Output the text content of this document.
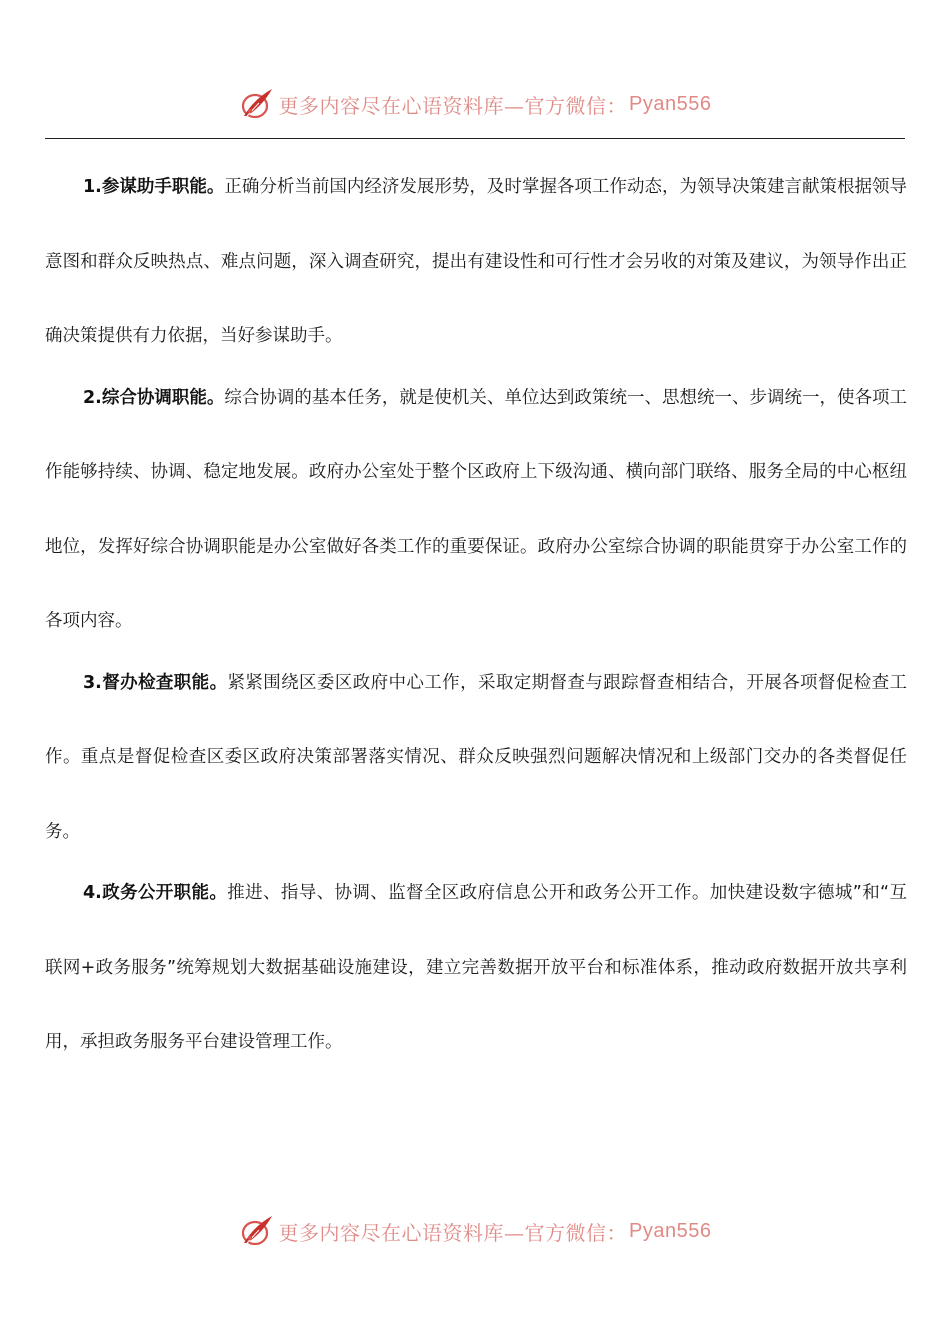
更多内容尽在心语资料库—官方微信： Pyan556

1.参谋助手职能。正确分析当前国内经济发展形势，及时掌握各项工作动态，为领导决策建言献策根据领导意图和群众反映热点、难点问题，深入调查研究，提出有建设性和可行性才会另收的对策及建议，为领导作出正确决策提供有力依据，当好参谋助手。

2.综合协调职能。综合协调的基本任务，就是使机关、单位达到政策统一、思想统一、步调统一，使各项工作能够持续、协调、稳定地发展。政府办公室处于整个区政府上下级沟通、横向部门联络、服务全局的中心枢纽地位，发挥好综合协调职能是办公室做好各类工作的重要保证。政府办公室综合协调的职能贯穿于办公室工作的各项内容。

3.督办检查职能。紧紧围绕区委区政府中心工作，采取定期督查与跟踪督查相结合，开展各项督促检查工作。重点是督促检查区委区政府决策部署落实情况、群众反映强烈问题解决情况和上级部门交办的各类督促任务。

4.政务公开职能。推进、指导、协调、监督全区政府信息公开和政务公开工作。加快建设数字德城”和“互联网+政务服务”统筹规划大数据基础设施建设，建立完善数据开放平台和标准体系，推动政府数据开放共享利用，承担政务服务平台建设管理工作。

更多内容尽在心语资料库—官方微信： Pyan556
